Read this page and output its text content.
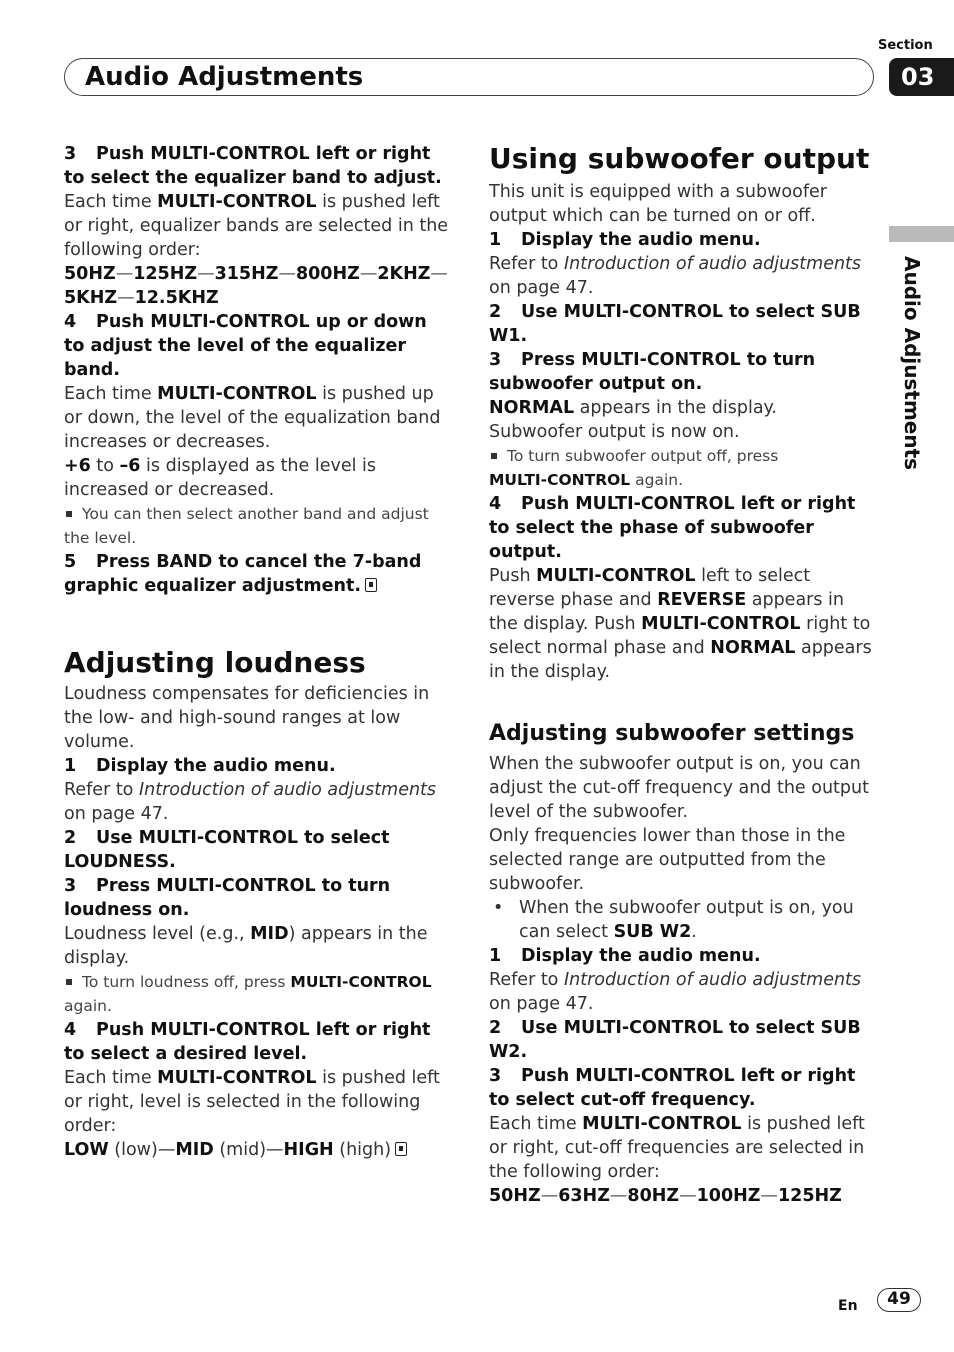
Section
03
Audio Adjustments
Audio Adjustments
3 Push MULTI-CONTROL left or right to select the equalizer band to adjust.

Each time MULTI-CONTROL is pushed left or right, equalizer bands are selected in the following order:

50HZ—125HZ—315HZ—800HZ—2KHZ—
5KHZ—12.5KHZ

4 Push MULTI-CONTROL up or down to adjust the level of the equalizer band.

Each time MULTI-CONTROL is pushed up or down, the level of the equalization band increases or decreases.

+6 to –6 is displayed as the level is increased or decreased.

You can then select another band and adjust the level.

5 Press BAND to cancel the 7-band graphic equalizer adjustment.
Adjusting loudness

Loudness compensates for deficiencies in the low- and high-sound ranges at low volume.

1 Display the audio menu.

Refer to Introduction of audio adjustments on page 47.

2 Use MULTI-CONTROL to select LOUDNESS.
3 Press MULTI-CONTROL to turn loudness on.

Loudness level (e.g., MID) appears in the display.

To turn loudness off, press MULTI-CONTROL again.

4 Push MULTI-CONTROL left or right to select a desired level.

Each time MULTI-CONTROL is pushed left or right, level is selected in the following order:

LOW (low)—MID (mid)—HIGH (high)

Using subwoofer output

This unit is equipped with a subwoofer output which can be turned on or off.

1 Display the audio menu.

Refer to Introduction of audio adjustments on page 47.

2 Use MULTI-CONTROL to select SUB W1.
3 Press MULTI-CONTROL to turn subwoofer output on.

NORMAL appears in the display. Subwoofer output is now on.

To turn subwoofer output off, press
MULTI-CONTROL again.

4 Push MULTI-CONTROL left or right to select the phase of subwoofer output.

Push MULTI-CONTROL left to select reverse phase and REVERSE appears in the display. Push MULTI-CONTROL right to select normal phase and NORMAL appears in the display.

Adjusting subwoofer settings

When the subwoofer output is on, you can adjust the cut-off frequency and the output level of the subwoofer.

Only frequencies lower than those in the selected range are outputted from the subwoofer.

• When the subwoofer output is on, you can select SUB W2.
1 Display the audio menu.

Refer to Introduction of audio adjustments on page 47.

2 Use MULTI-CONTROL to select SUB W2.
3 Push MULTI-CONTROL left or right to select cut-off frequency.

Each time MULTI-CONTROL is pushed left or right, cut-off frequencies are selected in the following order:

50HZ—63HZ—80HZ—100HZ—125HZ

En	49
